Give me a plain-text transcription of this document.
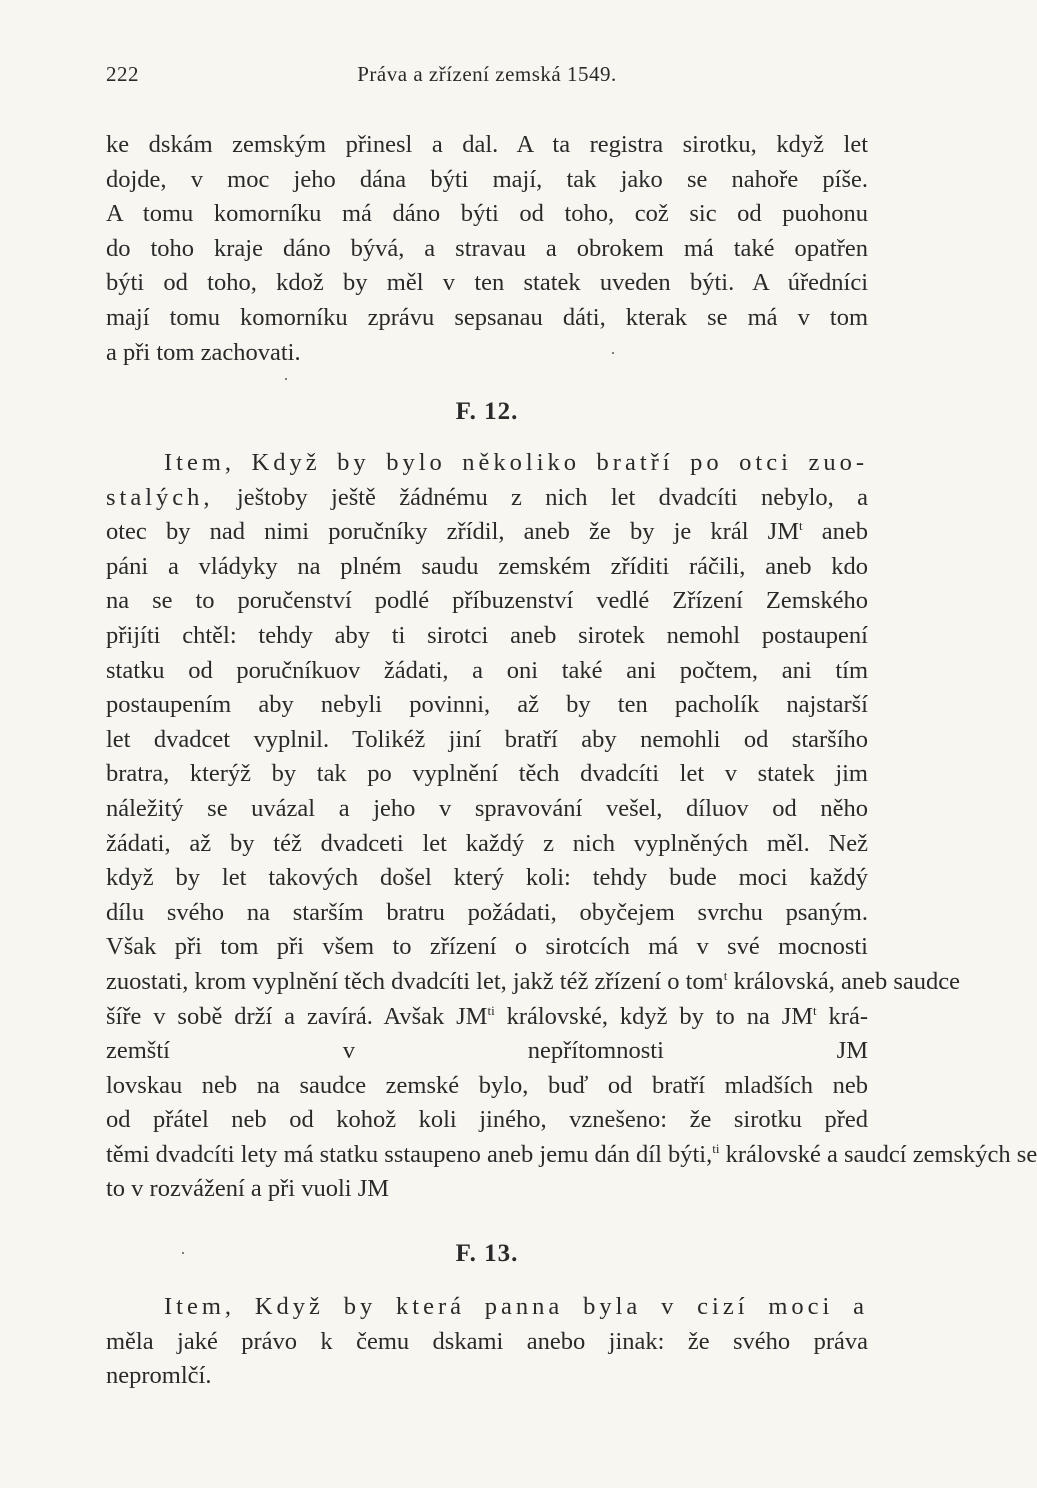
222	Práva a zřízení zemská 1549.
ke dskám zemským přinesl a dal. A ta registra sirotku, když let
dojde, v moc jeho dána býti mají, tak jako se nahoře píše.
A tomu komorníku má dáno býti od toho, což sic od puohonu
do toho kraje dáno bývá, a stravau a obrokem má také opatřen
býti od toho, kdož by měl v ten statek uveden býti. A úředníci
mají tomu komorníku zprávu sepsanau dáti, kterak se má v tom
a při tom zachovati.
F. 12.
Item, Když by bylo několiko bratří po otci zuo-
stalých, ještoby ještě žádnému z nich let dvadcíti nebylo, a
otec by nad nimi poručníky zřídil, aneb že by je král $JM^t$ aneb
páni a vládyky na plném saudu zemském zříditi ráčili, aneb kdo
na se to poručenství podlé příbuzenství vedlé Zřízení Zemského
přijíti chtěl: tehdy aby ti sirotci aneb sirotek nemohl postaupení
statku od poručníkuov žádati, a oni také ani počtem, ani tím
postaupením aby nebyli povinni, až by ten pacholík najstarší
let dvadcet vyplnil. Tolikéž jiní bratří aby nemohli od staršího
bratra, kterýž by tak po vyplnění těch dvadcíti let v statek jim
náležitý se uvázal a jeho v spravování vešel, díluov od něho
žádati, až by též dvadceti let každý z nich vyplněných měl. Než
když by let takových došel který koli: tehdy bude moci každý
dílu svého na starším bratru požádati, obyčejem svrchu psaným.
Však při tom při všem to zřízení o sirotcích má v své mocnosti
zuostati, krom vyplnění těch dvadcíti let, jakž též zřízení o tom$^t$ královská, aneb saudce
šíře v sobě drží a zavírá. Avšak $JM^{ti}$ královské, když by to na $JM^t$ krá-
zemští v nepřítomnosti JM
lovskau neb na saudce zemské bylo, buď od bratří mladších neb
od přátel neb od kohož koli jiného, vznešeno: že sirotku před
těmi dvadcíti lety má statku sstaupeno aneb jemu dán díl býti,$^{ti}$ královské a saudcí zemských se
to v rozvážení a při vuoli JM
F. 13.
Item, Když by která panna byla v cizí moci a
měla jaké právo k čemu dskami anebo jinak: že svého práva
nepromlčí.
